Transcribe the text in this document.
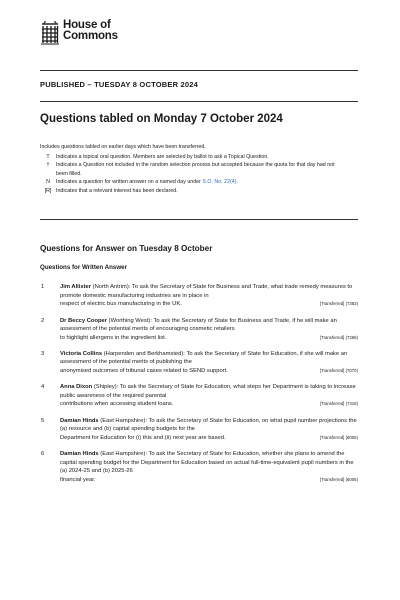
House of
Commons
PUBLISHED – TUESDAY 8 OCTOBER 2024
Questions tabled on Monday 7 October 2024
Includes questions tabled on earlier days which have been transferred.
T	Indicates a topical oral question. Members are selected by ballot to ask a Topical Question.
†	Indicates a Question not included in the random selection process but accepted because the quota for that day had not been filled.
N	Indicates a question for written answer on a named day under S.O. No. 22(4).
[R] Indicates that a relevant interest has been declared.
Questions for Answer on Tuesday 8 October
Questions for Written Answer
1	Jim Allister (North Antrim): To ask the Secretary of State for Business and Trade, what trade remedy measures to promote domestic manufacturing industries are in place in
respect of electric bus manufacturing in the UK.	[Transferred] (7383)
2	Dr Beccy Cooper (Worthing West): To ask the Secretary of State for Business and Trade, if he will make an assessment of the potential merits of encouraging cosmetic retailers
to highlight allergens in the ingredient list.	[Transferred] (7268)
3	Victoria Collins (Harpenden and Berkhamsted): To ask the Secretary of State for Education, if she will make an assessment of the potential merits of publishing the
anonymised outcomes of tribunal cases related to SEND support.	[Transferred] (7070)
4	Anna Dixon (Shipley): To ask the Secretary of State for Education, what steps her Department is taking to increase public awareness of the required parental
contributions when accessing student loans.	[Transferred] (7318)
5	Damian Hinds (East Hampshire): To ask the Secretary of State for Education, on what pupil number projections the (a) resource and (b) capital spending budgets for the
Department for Education for (i) this and (ii) next year are based.	[Transferred] (6005)
6	Damian Hinds (East Hampshire): To ask the Secretary of State for Education, whether she plans to amend the capital spending budget for the Department for Education based on actual full-time-equivalent pupil numbers in the (a) 2024-25 and (b) 2025-26
financial year.	[Transferred] (6006)
